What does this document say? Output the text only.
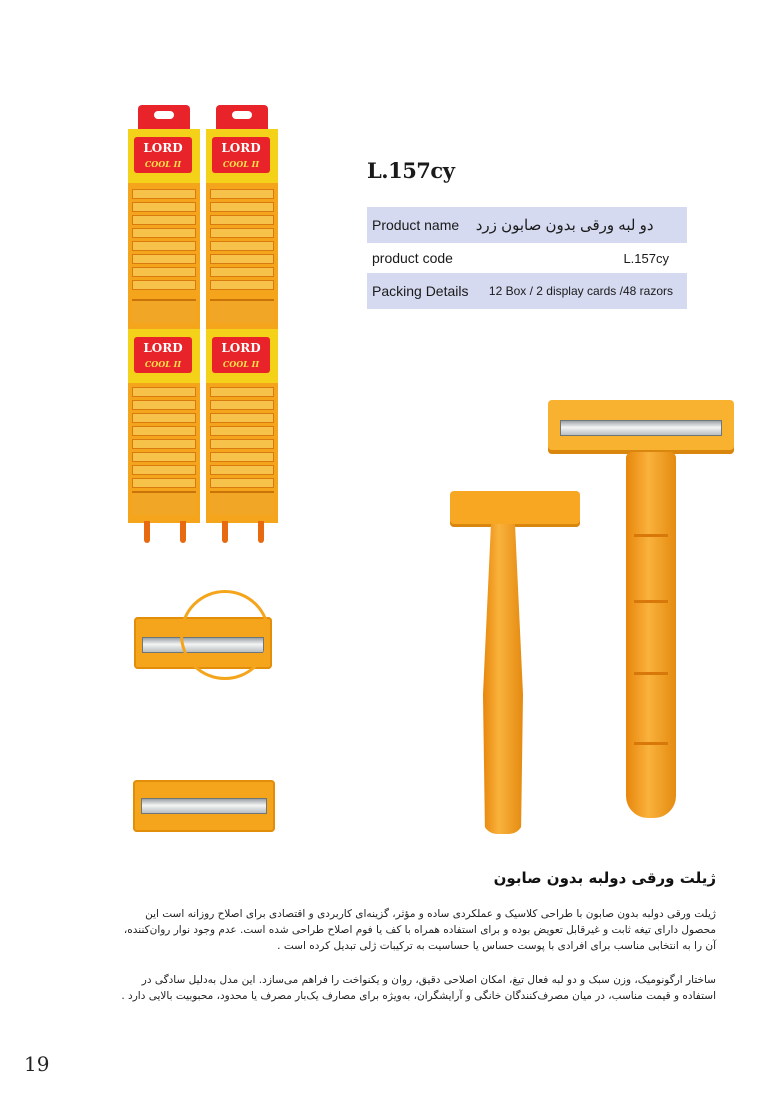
LORD
COOL II
LORD
COOL II
LORD
COOL II
LORD
COOL II
L.157cy
Product name	دو لبه ورقی بدون صابون زرد
product code	L.157cy
Packing Details	12 Box / 2 display cards /48 razors
ژیلت ورقی دولبه بدون صابون
ژیلت ورقی دولبه بدون صابون با طراحی کلاسیک و عملکردی ساده و مؤثر، گزینه‌ای کاربردی و اقتصادی برای اصلاح روزانه است این محصول دارای تیغه ثابت و غیرقابل تعویض بوده و برای استفاده همراه با کف یا فوم اصلاح طراحی شده است. عدم وجود نوار روان‌کننده، آن را به انتخابی مناسب برای افرادی با پوست حساس یا حساسیت به ترکیبات ژلی تبدیل کرده است .
ساختار ارگونومیک، وزن سبک و دو لبه فعال تیغ، امکان اصلاحی دقیق، روان و یکنواخت را فراهم می‌سازد. این مدل به‌دلیل سادگی در استفاده و قیمت مناسب، در میان مصرف‌کنندگان خانگی و آرایشگران، به‌ویژه برای مصارف یک‌بار مصرف یا محدود، محبوبیت بالایی دارد .
19
